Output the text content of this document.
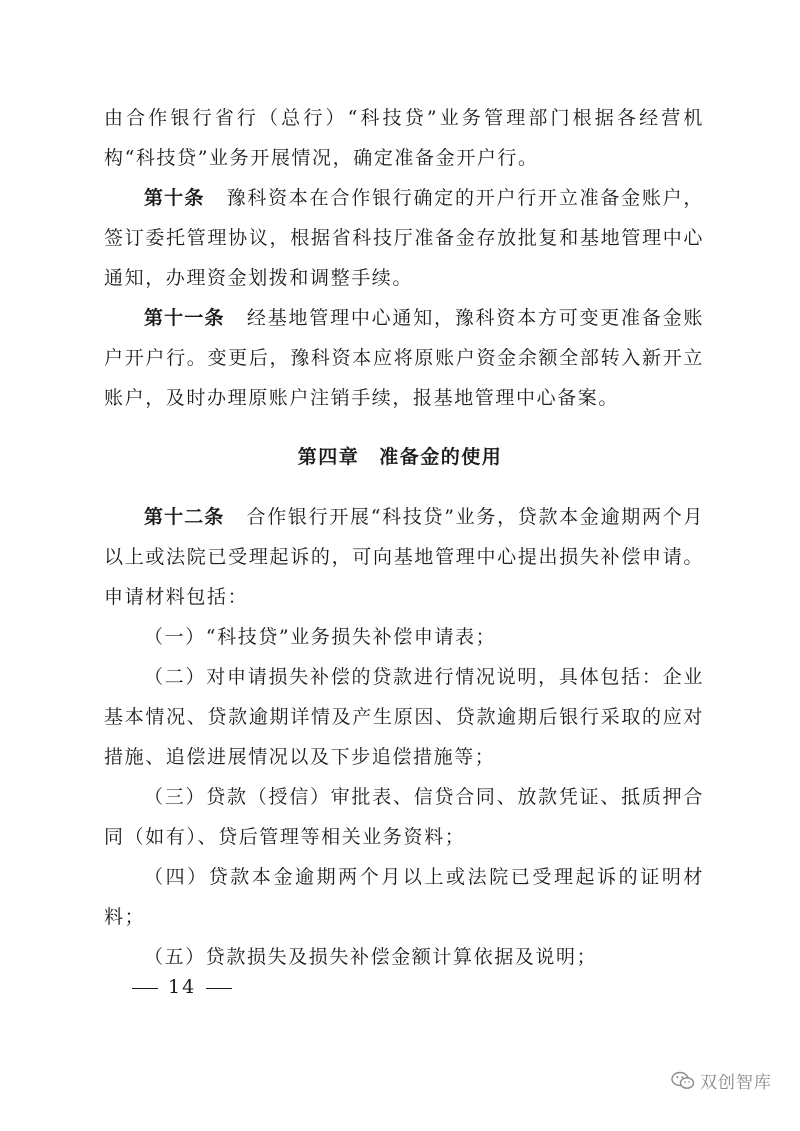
由合作银行省行（总行）“科技贷”业务管理部门根据各经营机构“科技贷”业务开展情况，确定准备金开户行。
第十条 豫科资本在合作银行确定的开户行开立准备金账户，签订委托管理协议，根据省科技厅准备金存放批复和基地管理中心通知，办理资金划拨和调整手续。
第十一条 经基地管理中心通知，豫科资本方可变更准备金账户开户行。变更后，豫科资本应将原账户资金余额全部转入新开立账户，及时办理原账户注销手续，报基地管理中心备案。
第四章 准备金的使用
第十二条 合作银行开展“科技贷”业务，贷款本金逾期两个月以上或法院已受理起诉的，可向基地管理中心提出损失补偿申请。申请材料包括：
（一）“科技贷”业务损失补偿申请表；
（二）对申请损失补偿的贷款进行情况说明，具体包括：企业基本情况、贷款逾期详情及产生原因、贷款逾期后银行采取的应对措施、追偿进展情况以及下步追偿措施等；
（三）贷款（授信）审批表、信贷合同、放款凭证、抵质押合同（如有）、贷后管理等相关业务资料；
（四）贷款本金逾期两个月以上或法院已受理起诉的证明材料；
（五）贷款损失及损失补偿金额计算依据及说明；
14
双创智库
